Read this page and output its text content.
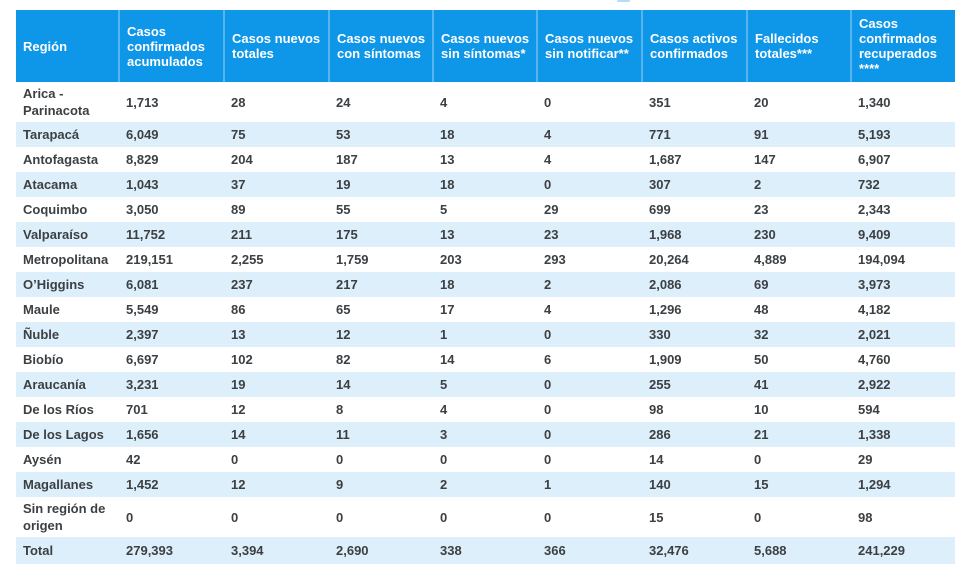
Región	Casos confirmados acumulados	Casos nuevos totales	Casos nuevos con síntomas	Casos nuevos sin síntomas*	Casos nuevos sin notificar**	Casos activos confirmados	Fallecidos totales***	Casos confirmados recuperados ****
Arica - Parinacota	1,713	28	24	4	0	351	20	1,340
Tarapacá	6,049	75	53	18	4	771	91	5,193
Antofagasta	8,829	204	187	13	4	1,687	147	6,907
Atacama	1,043	37	19	18	0	307	2	732
Coquimbo	3,050	89	55	5	29	699	23	2,343
Valparaíso	11,752	211	175	13	23	1,968	230	9,409
Metropolitana	219,151	2,255	1,759	203	293	20,264	4,889	194,094
O’Higgins	6,081	237	217	18	2	2,086	69	3,973
Maule	5,549	86	65	17	4	1,296	48	4,182
Ñuble	2,397	13	12	1	0	330	32	2,021
Biobío	6,697	102	82	14	6	1,909	50	4,760
Araucanía	3,231	19	14	5	0	255	41	2,922
De los Ríos	701	12	8	4	0	98	10	594
De los Lagos	1,656	14	11	3	0	286	21	1,338
Aysén	42	0	0	0	0	14	0	29
Magallanes	1,452	12	9	2	1	140	15	1,294
Sin región de origen	0	0	0	0	0	15	0	98
Total	279,393	3,394	2,690	338	366	32,476	5,688	241,229
